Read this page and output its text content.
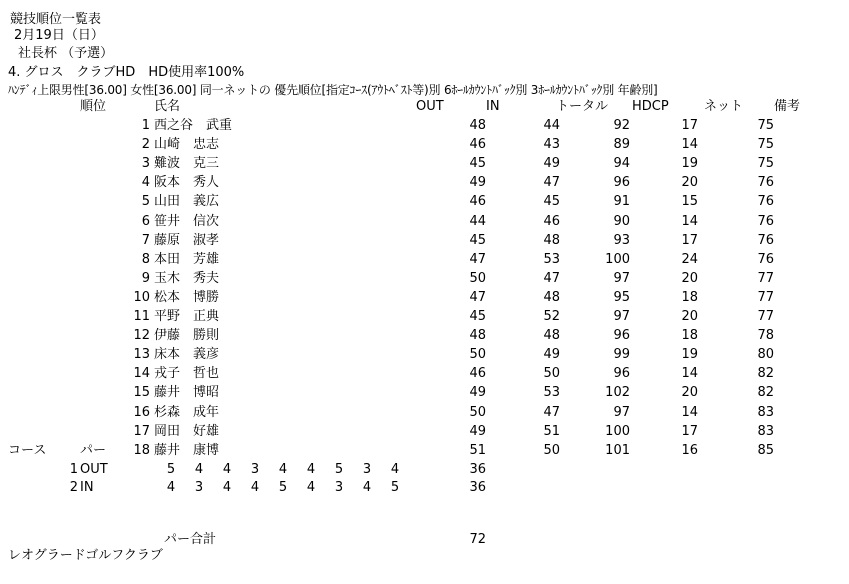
競技順位一覧表
2月19日（日）
社長杯 （予選）
4. グロス　クラブHD　HD使用率100%
ﾊﾝﾃﾞｨ上限男性[36.00] 女性[36.00] 同一ネットの 優先順位[指定ｺｰｽ(ｱｳﾄﾍﾞｽﾄ等)別 6ﾎｰﾙｶｳﾝﾄﾊﾞｯｸ別 3ﾎｰﾙｶｳﾝﾄﾊﾞｯｸ別 年齢別]
順位	氏名	OUT	IN	トータル HDCP	ネット 備考
1 西之谷　武重	48	44	92	17	75
2 山崎　忠志	46	43	89	14	75
3 難波　克三	45	49	94	19	75
4 阪本　秀人	49	47	96	20	76
5 山田　義広	46	45	91	15	76
6 笹井　信次	44	46	90	14	76
7 藤原　淑孝	45	48	93	17	76
8 本田　芳雄	47	53	100	24	76
9 玉木　秀夫	50	47	97	20	77
10 松本　博勝	47	48	95	18	77
11 平野　正典	45	52	97	20	77
12 伊藤　勝則	48	48	96	18	78
13 床本　義彦	50	49	99	19	80
14 戎子　哲也	46	50	96	14	82
15 藤井　博昭	49	53	102	20	82
16 杉森　成年	50	47	97	14	83
17 岡田　好雄	49	51	100	17	83
18 藤井　康博	51	50	101	16	85
コース	パー
1 OUT	5 4 4 3 4 4 5 3 4	36
2 IN	4 3 4 4 5 4 3 4 5	36
パー合計	72
レオグラードゴルフクラブ
